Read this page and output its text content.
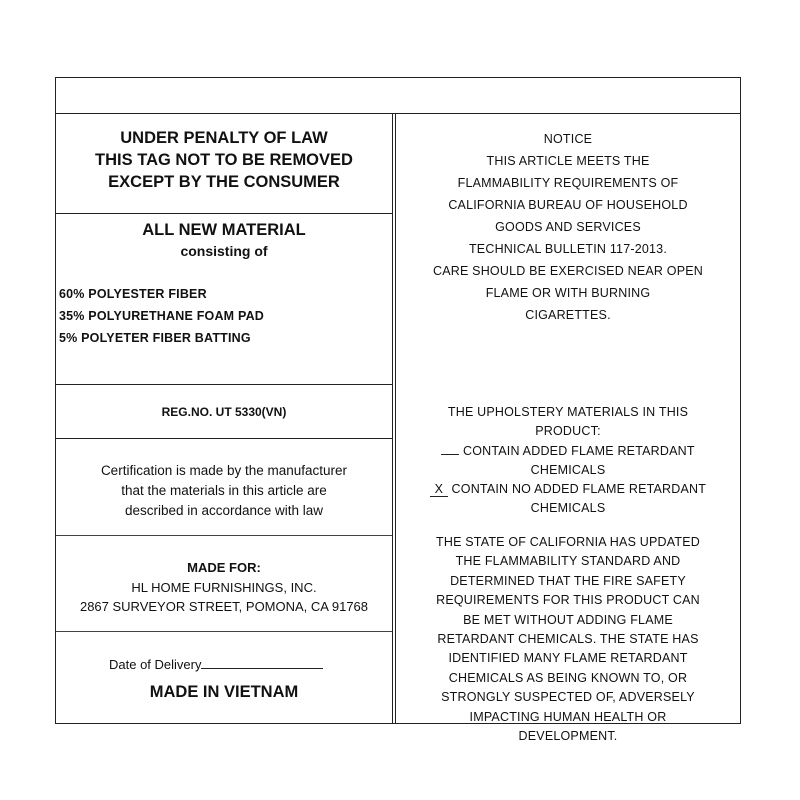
UNDER PENALTY OF LAW
THIS TAG NOT TO BE REMOVED
EXCEPT BY THE CONSUMER
ALL NEW MATERIAL
consisting of
60% POLYESTER FIBER
35% POLYURETHANE FOAM PAD
5% POLYETER FIBER BATTING
REG.NO. UT 5330(VN)
Certification is made by the manufacturer
that the materials in this article are
described in accordance with law
MADE FOR:
HL HOME FURNISHINGS, INC.
2867 SURVEYOR STREET, POMONA, CA 91768
Date of Delivery
MADE IN VIETNAM
NOTICE
THIS ARTICLE MEETS THE
FLAMMABILITY REQUIREMENTS OF
CALIFORNIA BUREAU OF HOUSEHOLD
GOODS AND SERVICES
TECHNICAL BULLETIN 117-2013.
CARE SHOULD BE EXERCISED NEAR OPEN
FLAME OR WITH BURNING
CIGARETTES.
THE UPHOLSTERY MATERIALS IN THIS
PRODUCT:
CONTAIN ADDED FLAME RETARDANT
CHEMICALS
X CONTAIN NO ADDED FLAME RETARDANT
CHEMICALS
THE STATE OF CALIFORNIA HAS UPDATED
THE FLAMMABILITY STANDARD AND
DETERMINED THAT THE FIRE SAFETY
REQUIREMENTS FOR THIS PRODUCT CAN
BE MET WITHOUT ADDING FLAME
RETARDANT CHEMICALS. THE STATE HAS
IDENTIFIED MANY FLAME RETARDANT
CHEMICALS AS BEING KNOWN TO, OR
STRONGLY SUSPECTED OF, ADVERSELY
IMPACTING HUMAN HEALTH OR
DEVELOPMENT.
